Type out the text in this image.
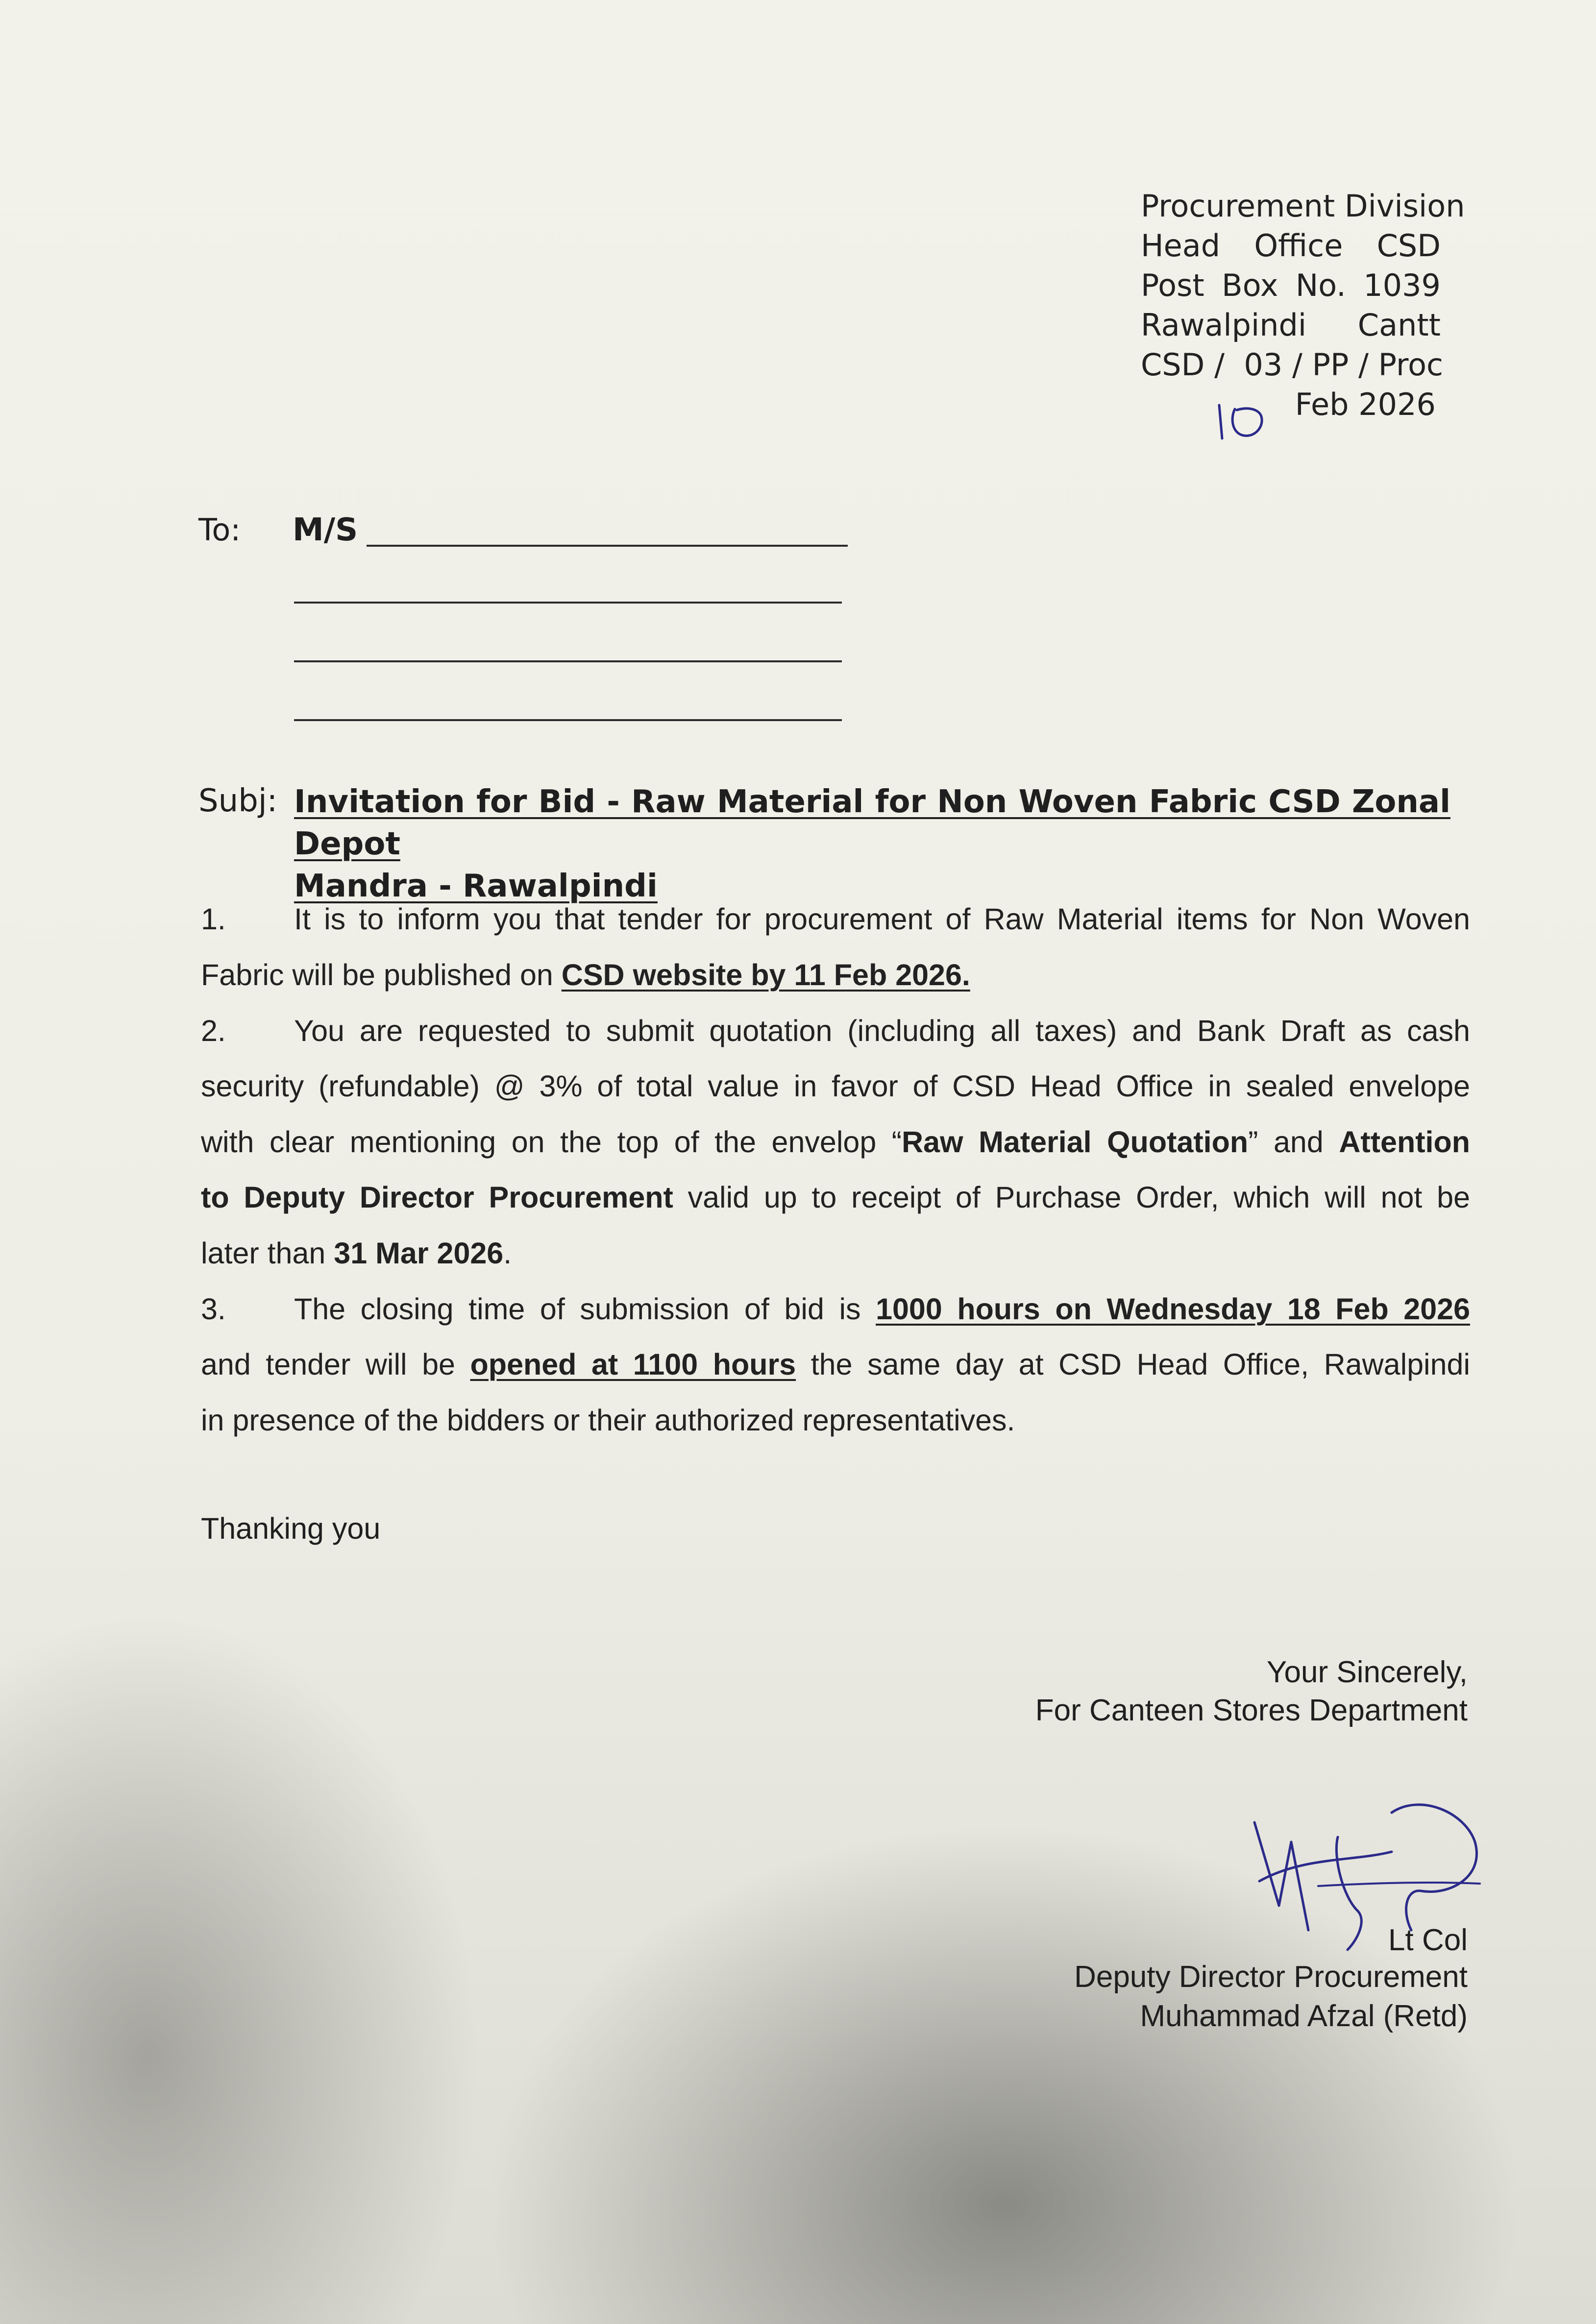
Procurement Division
Head Office CSD
Post Box No. 1039
Rawalpindi Cantt
CSD /  03 / PP / Proc
Feb 2026
To: M/S
Subj: Invitation for Bid - Raw Material for Non Woven Fabric CSD Zonal Depot
Mandra - Rawalpindi
1. It is to inform you that tender for procurement of Raw Material items for Non Woven
Fabric will be published on CSD website by 11 Feb 2026.
2. You are requested to submit quotation (including all taxes) and Bank Draft as cash
security (refundable) @ 3% of total value in favor of CSD Head Office in sealed envelope
with clear mentioning on the top of the envelop “Raw Material Quotation” and Attention
to Deputy Director Procurement valid up to receipt of Purchase Order, which will not be
later than 31 Mar 2026.
3. The closing time of submission of bid is 1000 hours on Wednesday 18 Feb 2026
and tender will be opened at 1100 hours the same day at CSD Head Office, Rawalpindi
in presence of the bidders or their authorized representatives.
Thanking you
Your Sincerely,
For Canteen Stores Department
Lt Col
Deputy Director Procurement
Muhammad Afzal (Retd)
